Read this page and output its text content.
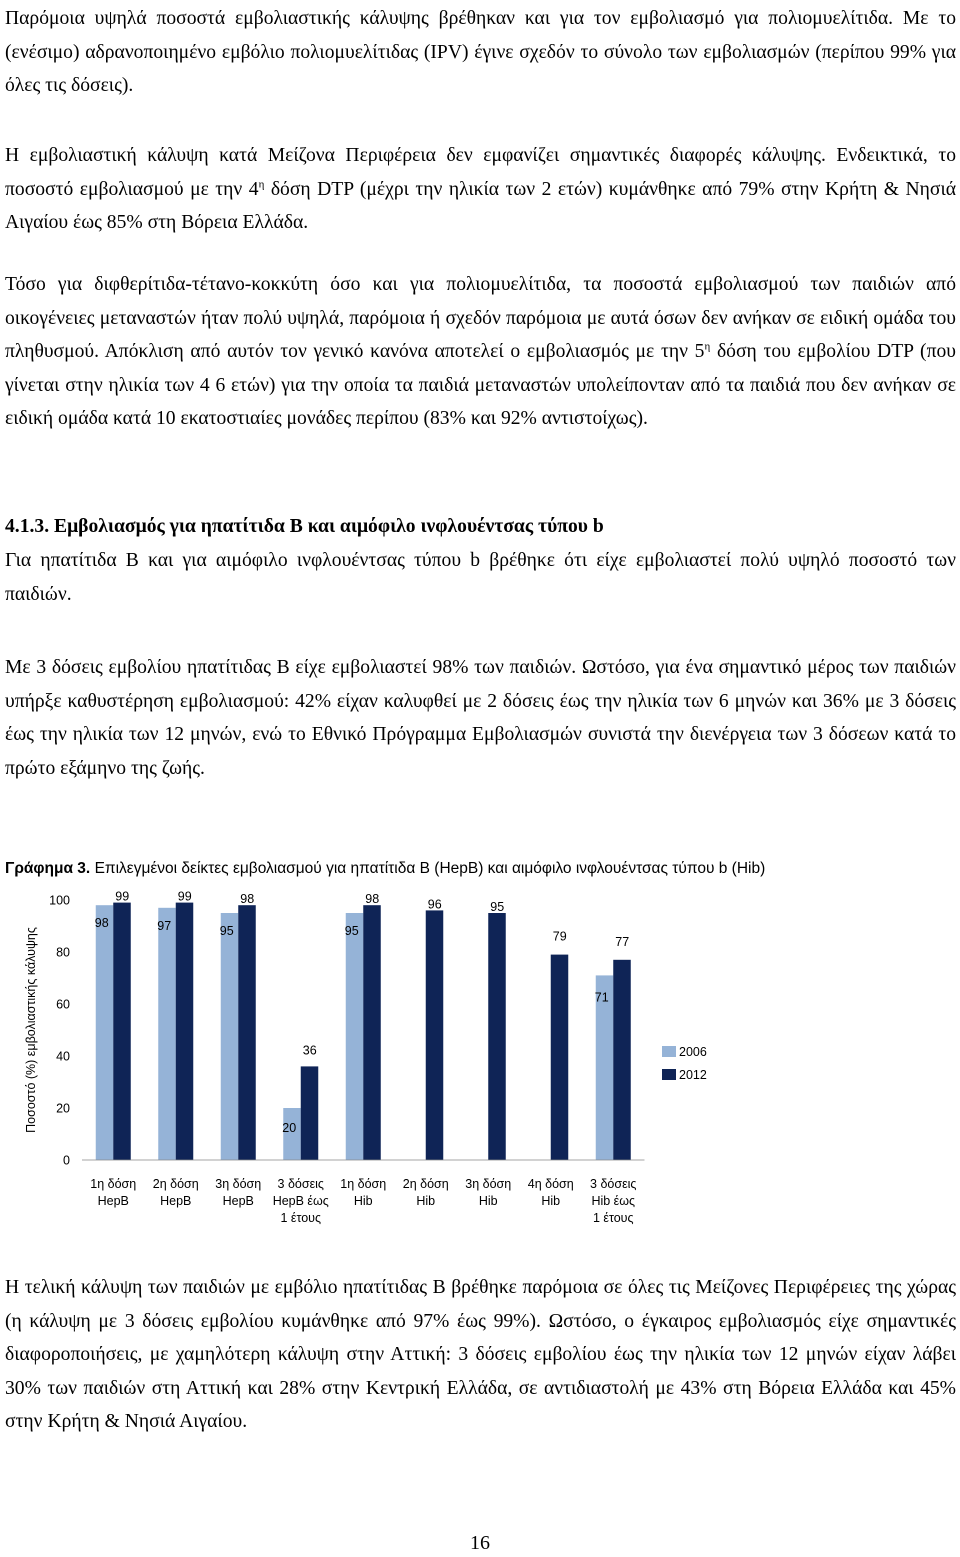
Παρόμοια υψηλά ποσοστά εμβολιαστικής κάλυψης βρέθηκαν και για τον εμβολιασμό για πολιομυελίτιδα. Με το (ενέσιμο) αδρανοποιημένο εμβόλιο πολιομυελίτιδας (IPV) έγινε σχεδόν το σύνολο των εμβολιασμών (περίπου 99% για όλες τις δόσεις).

Η εμβολιαστική κάλυψη κατά Μείζονα Περιφέρεια δεν εμφανίζει σημαντικές διαφορές κάλυψης. Ενδεικτικά, το ποσοστό εμβολιασμού με την $4^\eta$ δόση DTP (μέχρι την ηλικία των 2 ετών) κυμάνθηκε από 79% στην Κρήτη & Νησιά Αιγαίου έως 85% στη Βόρεια Ελλάδα.

Τόσο για διφθερίτιδα-τέτανο-κοκκύτη όσο και για πολιομυελίτιδα, τα ποσοστά εμβολιασμού των παιδιών από οικογένειες μεταναστών ήταν πολύ υψηλά, παρόμοια ή σχεδόν παρόμοια με αυτά όσων δεν ανήκαν σε ειδική ομάδα του πληθυσμού. Απόκλιση από αυτόν τον γενικό κανόνα αποτελεί ο εμβολιασμός με την $5^\eta$ δόση του εμβολίου DTP (που γίνεται στην ηλικία των 4 6 ετών) για την οποία τα παιδιά μεταναστών υπολείπονταν από τα παιδιά που δεν ανήκαν σε ειδική ομάδα κατά 10 εκατοστιαίες μονάδες περίπου (83% και 92% αντιστοίχως).

4.1.3. Εμβολιασμός για ηπατίτιδα Β και αιμόφιλο ινφλουέντσας τύπου b

Για ηπατίτιδα Β και για αιμόφιλο ινφλουέντσας τύπου b βρέθηκε ότι είχε εμβολιαστεί πολύ υψηλό ποσοστό των παιδιών.

Με 3 δόσεις εμβολίου ηπατίτιδας Β είχε εμβολιαστεί 98% των παιδιών. Ωστόσο, για ένα σημαντικό μέρος των παιδιών υπήρξε καθυστέρηση εμβολιασμού: 42% είχαν καλυφθεί με 2 δόσεις έως την ηλικία των 6 μηνών και 36% με 3 δόσεις έως την ηλικία των 12 μηνών, ενώ το Εθνικό Πρόγραμμα Εμβολιασμών συνιστά την διενέργεια των 3 δόσεων κατά το πρώτο εξάμηνο της ζωής.

Γράφημα 3. Επιλεγμένοι δείκτες εμβολιασμού για ηπατίτιδα Β (HepB) και αιμόφιλο ινφλουέντσας τύπου b (Hib)

Ποσοστό (%) εμβολιαστικής κάλυψης
0
20
40
60
80
100
98	97	95
20
95
71
99	99	98
36
98	96	95
79	77
1η δόση
HepB
2η δόση
HepB
3η δόση
HepB
3 δόσεις
HepB έως
1 έτους
1η δόση
Hib
2η δόση
Hib
3η δόση
Hib
4η δόση
Hib
3 δόσεις
Hib έως
1 έτους
2006
2012

Η τελική κάλυψη των παιδιών με εμβόλιο ηπατίτιδας Β βρέθηκε παρόμοια σε όλες τις Μείζονες Περιφέρειες της χώρας (η κάλυψη με 3 δόσεις εμβολίου κυμάνθηκε από 97% έως 99%). Ωστόσο, ο έγκαιρος εμβολιασμός είχε σημαντικές διαφοροποιήσεις, με χαμηλότερη κάλυψη στην Αττική: 3 δόσεις εμβολίου έως την ηλικία των 12 μηνών είχαν λάβει 30% των παιδιών στη Αττική και 28% στην Κεντρική Ελλάδα, σε αντιδιαστολή με 43% στη Βόρεια Ελλάδα και 45% στην Κρήτη & Νησιά Αιγαίου.

16
